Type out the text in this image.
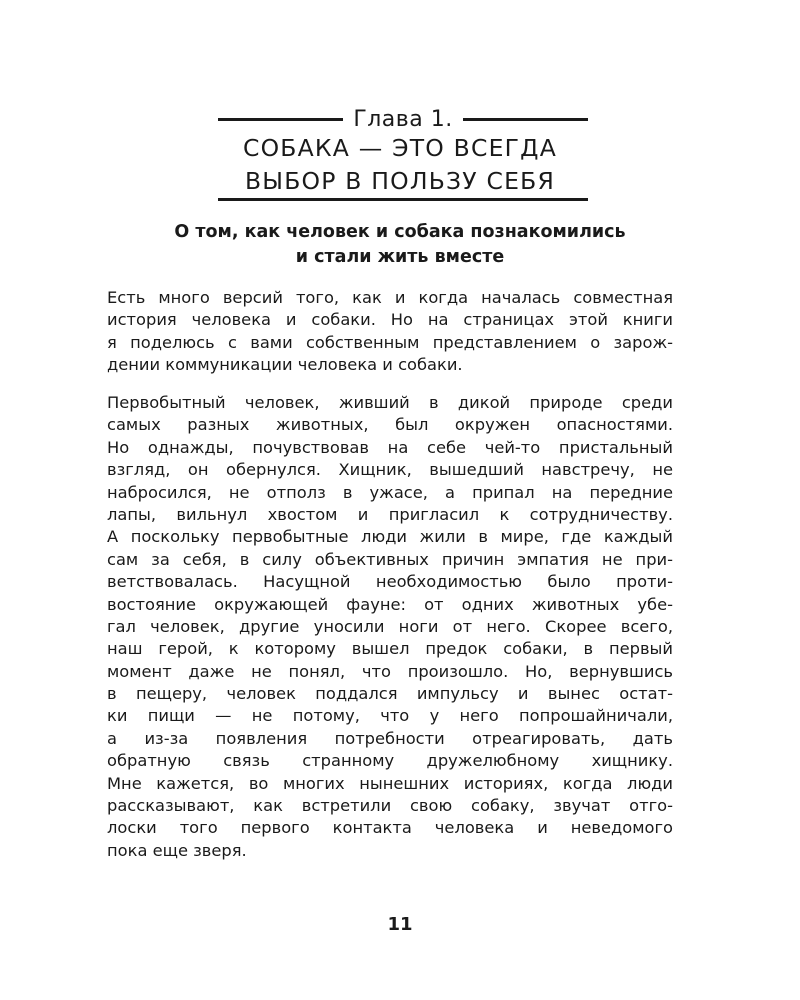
Глава 1.
СОБАКА — ЭТО ВСЕГДА
ВЫБОР В ПОЛЬЗУ СЕБЯ
О том, как человек и собака познакомились
и стали жить вместе
Есть много версий того, как и когда началась совместная
история человека и собаки. Но на страницах этой книги
я поделюсь с вами собственным представлением о зарож-
дении коммуникации человека и собаки.
Первобытный человек, живший в дикой природе среди
самых разных животных, был окружен опасностями.
Но однажды, почувствовав на себе чей-то пристальный
взгляд, он обернулся. Хищник, вышедший навстречу, не
набросился, не отполз в ужасе, а припал на передние
лапы, вильнул хвостом и пригласил к сотрудничеству.
А поскольку первобытные люди жили в мире, где каждый
сам за себя, в силу объективных причин эмпатия не при-
ветствовалась. Насущной необходимостью было проти-
востояние окружающей фауне: от одних животных убе-
гал человек, другие уносили ноги от него. Скорее всего,
наш герой, к которому вышел предок собаки, в первый
момент даже не понял, что произошло. Но, вернувшись
в пещеру, человек поддался импульсу и вынес остат-
ки пищи — не потому, что у него попрошайничали,
а из-за появления потребности отреагировать, дать
обратную связь странному дружелюбному хищнику.
Мне кажется, во многих нынешних историях, когда люди
рассказывают, как встретили свою собаку, звучат отго-
лоски того первого контакта человека и неведомого
пока еще зверя.
11
